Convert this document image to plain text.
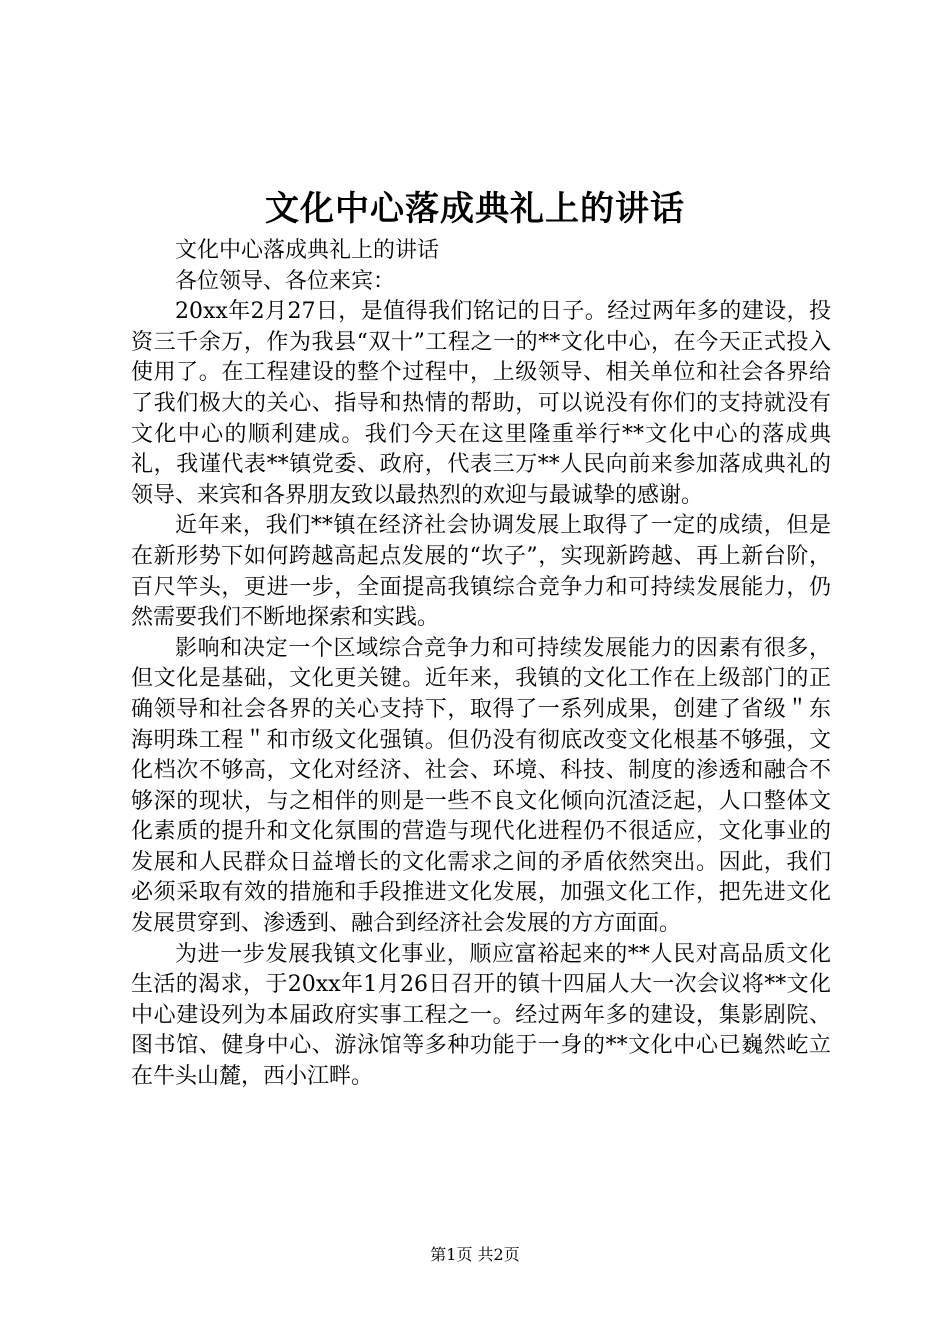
文化中心落成典礼上的讲话

文化中心落成典礼上的讲话

各位领导、各位来宾：

20xx年2月27日，是值得我们铭记的日子。经过两年多的建设，投资三千余万，作为我县“双十”工程之一的**文化中心，在今天正式投入使用了。在工程建设的整个过程中，上级领导、相关单位和社会各界给了我们极大的关心、指导和热情的帮助，可以说没有你们的支持就没有文化中心的顺利建成。我们今天在这里隆重举行**文化中心的落成典礼，我谨代表**镇党委、政府，代表三万**人民向前来参加落成典礼的领导、来宾和各界朋友致以最热烈的欢迎与最诚挚的感谢。

近年来，我们**镇在经济社会协调发展上取得了一定的成绩，但是在新形势下如何跨越高起点发展的“坎子”，实现新跨越、再上新台阶，百尺竿头，更进一步，全面提高我镇综合竞争力和可持续发展能力，仍然需要我们不断地探索和实践。

影响和决定一个区域综合竞争力和可持续发展能力的因素有很多，但文化是基础，文化更关键。近年来，我镇的文化工作在上级部门的正确领导和社会各界的关心支持下，取得了一系列成果，创建了省级＂东海明珠工程＂和市级文化强镇。但仍没有彻底改变文化根基不够强，文化档次不够高，文化对经济、社会、环境、科技、制度的渗透和融合不够深的现状，与之相伴的则是一些不良文化倾向沉渣泛起，人口整体文化素质的提升和文化氛围的营造与现代化进程仍不很适应，文化事业的发展和人民群众日益增长的文化需求之间的矛盾依然突出。因此，我们必须采取有效的措施和手段推进文化发展，加强文化工作，把先进文化发展贯穿到、渗透到、融合到经济社会发展的方方面面。

为进一步发展我镇文化事业，顺应富裕起来的**人民对高品质文化生活的渴求，于20xx年1月26日召开的镇十四届人大一次会议将**文化中心建设列为本届政府实事工程之一。经过两年多的建设，集影剧院、图书馆、健身中心、游泳馆等多种功能于一身的**文化中心已巍然屹立在牛头山麓，西小江畔。

第1页 共2页
